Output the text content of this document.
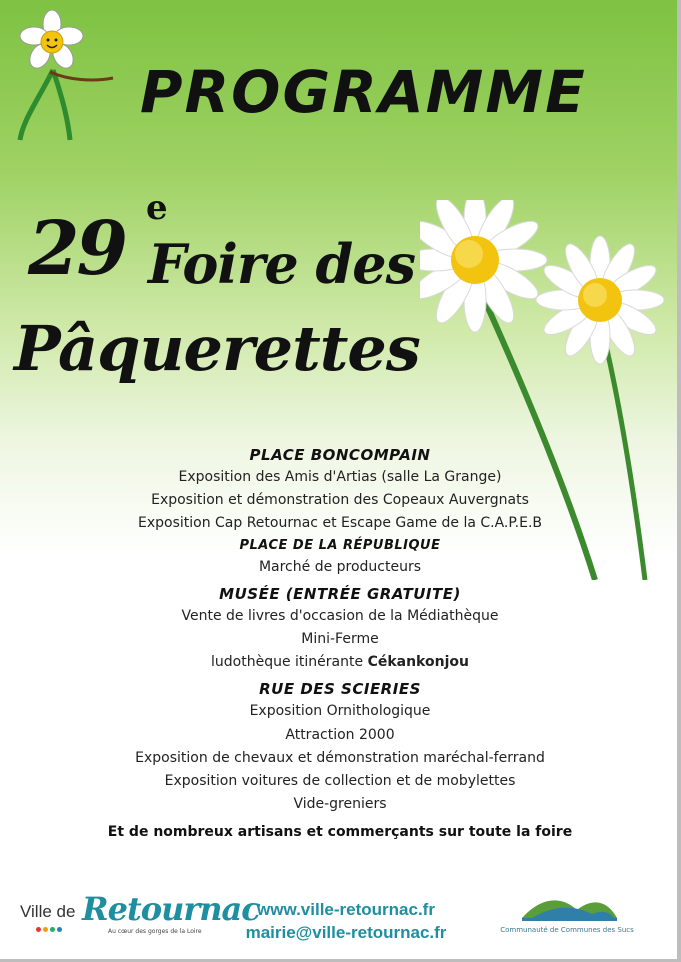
PROGRAMME
29 e
Foire des
Pâquerettes

PLACE BONCOMPAIN

Exposition des Amis d'Artias (salle La Grange)

Exposition et démonstration des Copeaux Auvergnats

Exposition Cap Retournac et Escape Game de la C.A.P.E.B

PLACE DE LA RÉPUBLIQUE

Marché de producteurs

MUSÉE (ENTRÉE GRATUITE)

Vente de livres d'occasion de la Médiathèque

Mini-Ferme

ludothèque itinérante Cékankonjou

RUE DES SCIERIES

Exposition Ornithologique

Attraction 2000

Exposition de chevaux et démonstration maréchal-ferrand

Exposition voitures de collection et de mobylettes

Vide-greniers

Et de nombreux artisans et commerçants sur toute la foire

Ville de Retournac
Au cœur des gorges de la Loire
www.ville-retournac.fr
mairie@ville-retournac.fr	Communauté de Communes des Sucs
